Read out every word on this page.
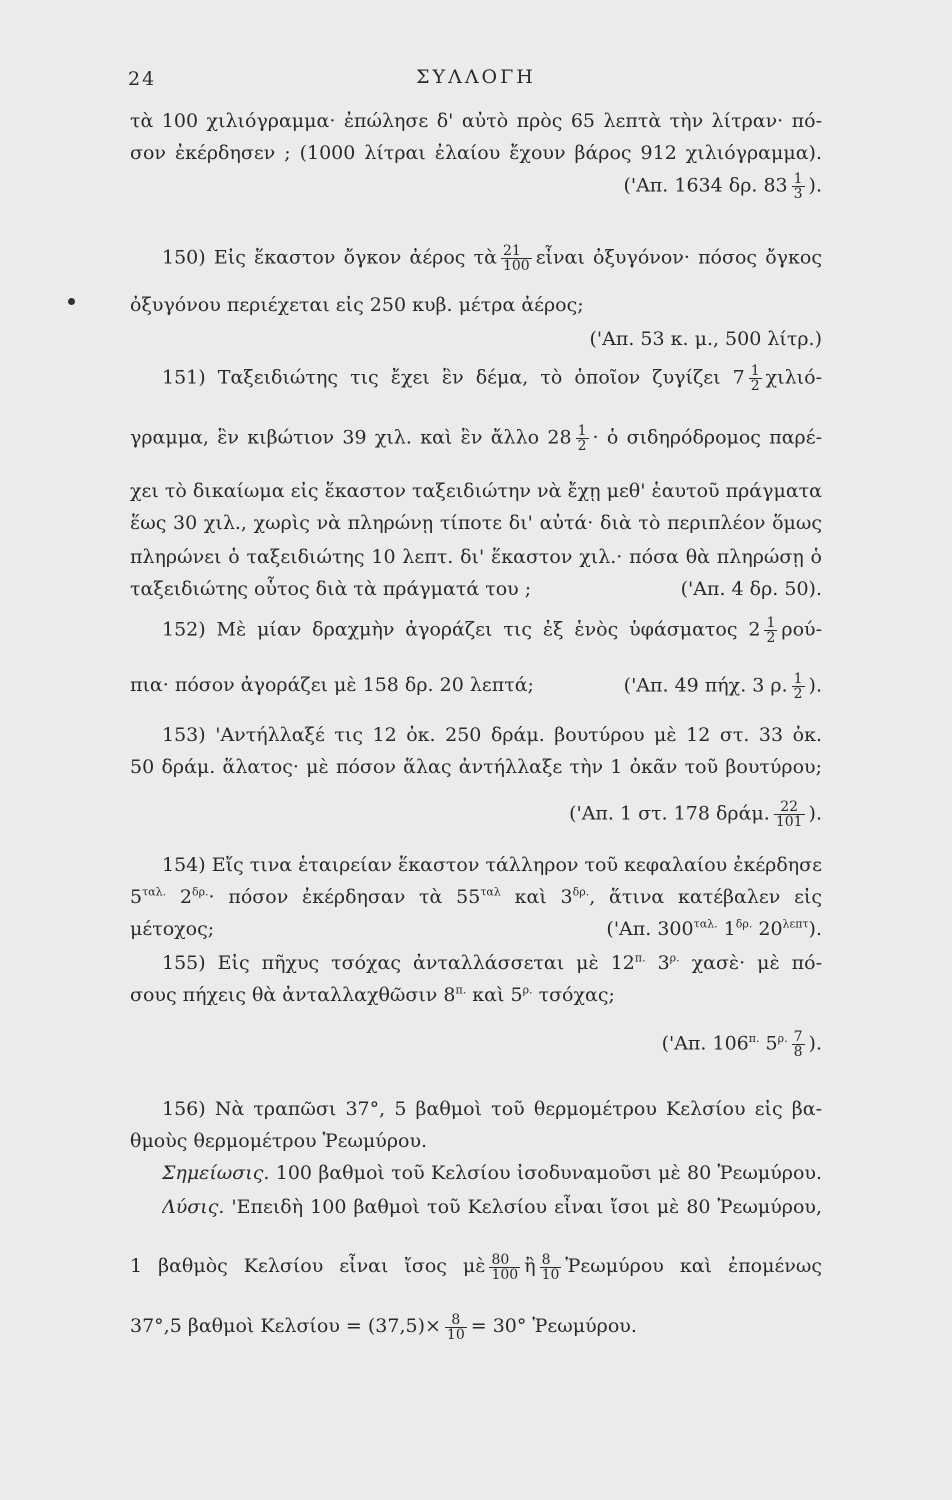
24	ΣΥΛΛΟΓΗ
τὰ 100 χιλιόγραμμα· ἐπώλησε δ' αὐτὸ πρὸς 65 λεπτὰ τὴν λίτραν· πό-
σον ἐκέρδησεν ; (1000 λίτραι ἐλαίου ἔχουν βάρος 912 χιλιόγραμμα).
('Απ. 1634 δρ. $83 \frac{1}{3}$ ).
150) Εἰς ἕκαστον ὄγκον ἀέρος τὰ $\frac{21}{100}$ εἶναι ὀξυγόνον· πόσος ὄγκος
ὀξυγόνου περιέχεται εἰς 250 κυβ. μέτρα ἀέρος;
('Απ. 53 κ. μ., 500 λίτρ.)
151) Ταξειδιώτης τις ἔχει ἓν δέμα, τὸ ὁποῖον ζυγίζει $7 \frac{1}{2} \chi\iota\lambda\iota ό-$
γραμμα, ἓν κιβώτιον 39 χιλ. καὶ ἓν ἄλλο $28 \frac{1}{2}$ · ὁ σιδηρόδρομος παρέ-
χει τὸ δικαίωμα εἰς ἕκαστον ταξειδιώτην νὰ ἔχῃ μεθ' ἑαυτοῦ πράγματα
ἕως 30 χιλ., χωρὶς νὰ πληρώνῃ τίποτε δι' αὐτά· διὰ τὸ περιπλέον ὅμως
πληρώνει ὁ ταξειδιώτης 10 λεπτ. δι' ἕκαστον χιλ.· πόσα θὰ πληρώσῃ ὁ
ταξειδιώτης οὗτος διὰ τὰ πράγματά του ;	('Απ. 4 δρ. 50).
152) Μὲ μίαν δραχμὴν ἀγοράζει τις ἐξ ἑνὸς ὑφάσματος $2 \frac{1}{2} \rho oύ-$
πια· πόσον ἀγοράζει μὲ 158 δρ. 20 λεπτά;	('Απ. 49 πήχ. 3 ρ. $\frac{1}{2}$ ).
153) 'Αντήλλαξέ τις 12 ὀκ. 250 δράμ. βουτύρου μὲ 12 στ. 33 ὀκ.
50 δράμ. ἅλατος· μὲ πόσον ἅλας ἀντήλλαξε τὴν 1 ὀκᾶν τοῦ βουτύρου;
('Απ. 1 στ. 178 δράμ. $\frac{22}{101}$ ).
154) Εἴς τινα ἑταιρείαν ἕκαστον τάλληρον τοῦ κεφαλαίου ἐκέρδησε
$5^{\tau\alpha\lambda.}$ $2^{\delta\rho.}\cdot \pi ό\sigma o\nu$ ἐκέρδησαν τὰ $55^{\tau\alpha\lambda}$ καὶ $3^{\delta\rho.}$, ἅτινα κατέβαλεν εἰς
μέτοχος;	('Απ. $300^{\tau\alpha\lambda.}$ $1^{\delta\rho.}$ $20^{\lambda\varepsilon\pi\tau}$).
155) Εἰς πῆχυς τσόχας ἀνταλλάσσεται μὲ $12^{\pi.}$ $3^{\rho.}$ χασὲ· μὲ πό-
σους πήχεις θὰ ἀνταλλαχθῶσιν $8^{\pi.}$ καὶ $5^{\rho.}$ τσόχας;
('Απ. $106^{\pi.}$ $5^{\rho.} \frac{7}{8}$ ).
156) Νὰ τραπῶσι 37°, 5 βαθμοὶ τοῦ θερμομέτρου Κελσίου εἰς βα-
θμοὺς θερμομέτρου Ῥεωμύρου.
Σημείωσις. 100 βαθμοὶ τοῦ Κελσίου ἰσοδυναμοῦσι μὲ 80 Ῥεωμύρου.
Λύσις. 'Επειδὴ 100 βαθμοὶ τοῦ Κελσίου εἶναι ἴσοι μὲ 80 Ῥεωμύρου,
1 βαθμὸς Κελσίου εἶναι ἴσος μὲ $\frac{80}{100}$ ἢ $\frac{8}{10}$ Ῥεωμύρου καὶ ἐπομένως
37°,5 βαθμοὶ $K\varepsilon\lambda\sigma ίo\upsilon = (37,5)\times \frac{8}{10} = 30^\circ$ Ῥεωμύρου.
